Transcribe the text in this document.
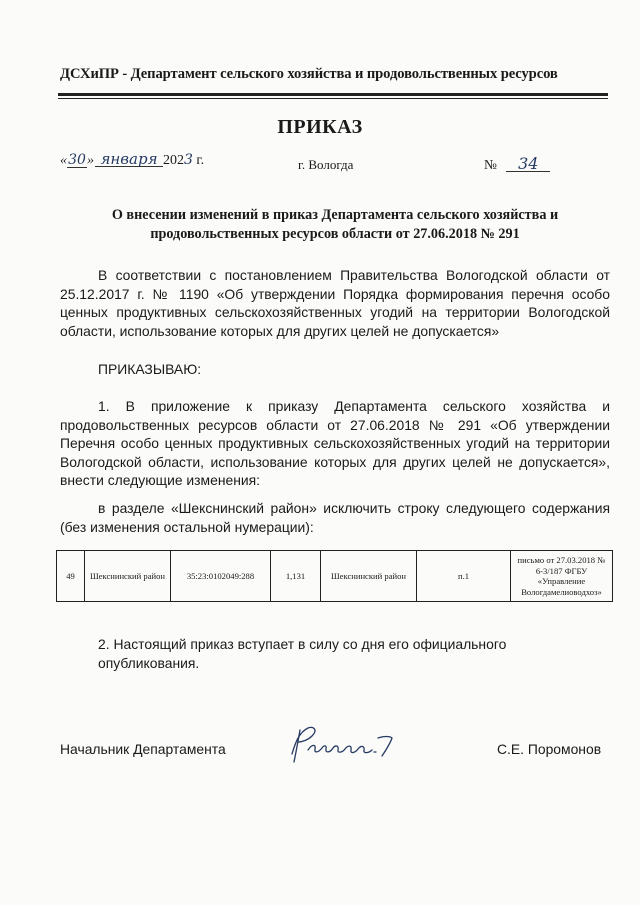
ДСХиПР - Департамент сельского хозяйства и продовольственных ресурсов
ПРИКАЗ
«30» января 2023 г.	г. Вологда	№ 34
О внесении изменений в приказ Департамента сельского хозяйства и продовольственных ресурсов области от 27.06.2018 № 291
В соответствии с постановлением Правительства Вологодской области от 25.12.2017 г. № 1190 «Об утверждении Порядка формирования перечня особо ценных продуктивных сельскохозяйственных угодий на территории Вологодской области, использование которых для других целей не допускается»
ПРИКАЗЫВАЮ:
1. В приложение к приказу Департамента сельского хозяйства и продовольственных ресурсов области от 27.06.2018 № 291 «Об утверждении Перечня особо ценных продуктивных сельскохозяйственных угодий на территории Вологодской области, использование которых для других целей не допускается», внести следующие изменения:
в разделе «Шекснинский район» исключить строку следующего содержания (без изменения остальной нумерации):
49	Шекснинский район	35:23:0102049:288	1,131	Шекснинский район	п.1	письмо от 27.03.2018 № 6-3/187 ФГБУ «Управление Вологдамелиоводхоз»
2. Настоящий приказ вступает в силу со дня его официального опубликования.
Начальник Департамента	С.Е. Поромонов
